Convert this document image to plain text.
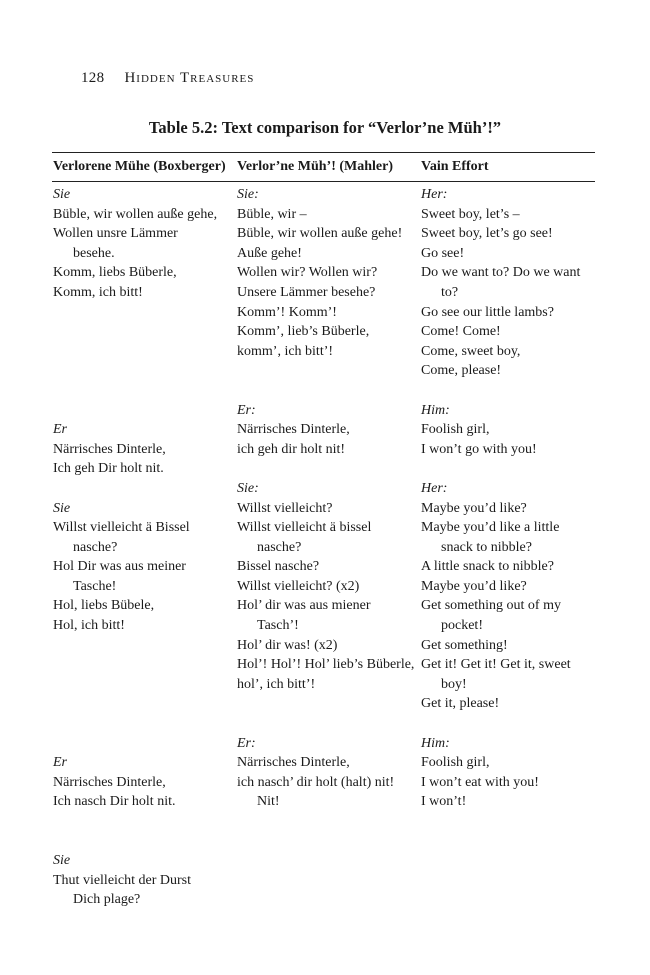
128 Hidden Treasures
Table 5.2: Text comparison for “Verlor’ne Müh’!”
Verlorene Mühe (Boxberger) Verlor’ne Müh’! (Mahler) Vain Effort
Sie
Büble, wir wollen auße gehe,
Wollen unsre Lämmer
besehe.
Komm, liebs Büberle,
Komm, ich bitt!
Er
Närrisches Dinterle,
Ich geh Dir holt nit.
Sie
Willst vielleicht ä Bissel
nasche?
Hol Dir was aus meiner
Tasche!
Hol, liebs Bübele,
Hol, ich bitt!
Er
Närrisches Dinterle,
Ich nasch Dir holt nit.
Sie
Thut vielleicht der Durst
Dich plage?
Sie:
Büble, wir –
Büble, wir wollen auße gehe!
Auße gehe!
Wollen wir? Wollen wir?
Unsere Lämmer besehe?
Komm’! Komm’!
Komm’, lieb’s Büberle,
komm’, ich bitt’!
Er:
Närrisches Dinterle,
ich geh dir holt nit!
Sie:
Willst vielleicht?
Willst vielleicht ä bissel
nasche?
Bissel nasche?
Willst vielleicht? (x2)
Hol’ dir was aus miener
Tasch’!
Hol’ dir was! (x2)
Hol’! Hol’! Hol’ lieb’s Büberle,
hol’, ich bitt’!
Er:
Närrisches Dinterle,
ich nasch’ dir holt (halt) nit!
Nit!
Her:
Sweet boy, let’s –
Sweet boy, let’s go see!
Go see!
Do we want to? Do we want
to?
Go see our little lambs?
Come! Come!
Come, sweet boy,
Come, please!
Him:
Foolish girl,
I won’t go with you!
Her:
Maybe you’d like?
Maybe you’d like a little
snack to nibble?
A little snack to nibble?
Maybe you’d like?
Get something out of my
pocket!
Get something!
Get it! Get it! Get it, sweet
boy!
Get it, please!
Him:
Foolish girl,
I won’t eat with you!
I won’t!
